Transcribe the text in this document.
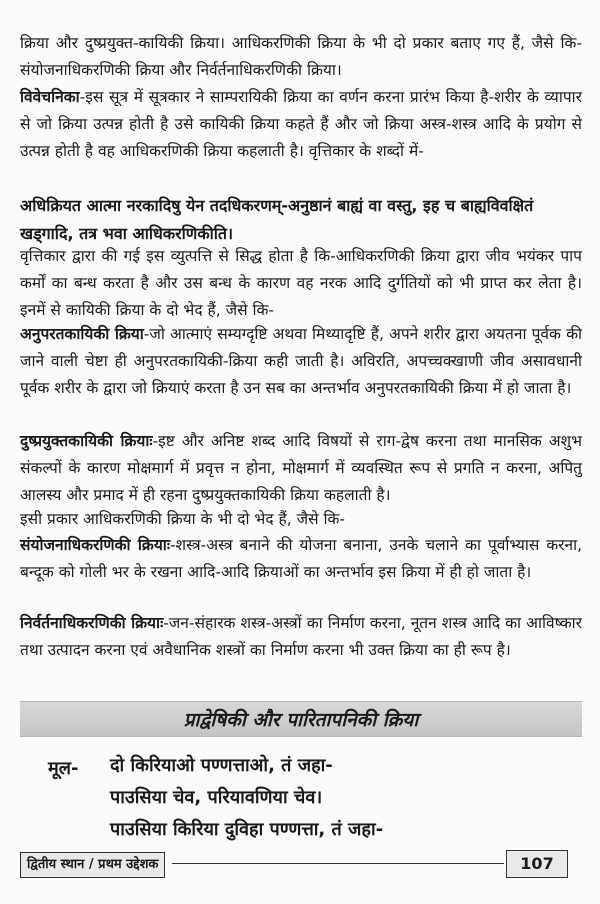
क्रिया और दुष्प्रयुक्त-कायिकी क्रिया। आधिकरणिकी क्रिया के भी दो प्रकार बताए गए हैं, जैसे कि- संयोजनाधिकरणिकी क्रिया और निर्वर्तनाधिकरणिकी क्रिया।

विवेचनिका-इस सूत्र में सूत्रकार ने साम्परायिकी क्रिया का वर्णन करना प्रारंभ किया है-शरीर के व्यापार से जो क्रिया उत्पन्न होती है उसे कायिकी क्रिया कहते हैं और जो क्रिया अस्त्र-शस्त्र आदि के प्रयोग से उत्पन्न होती है वह आधिकरणिकी क्रिया कहलाती है। वृत्तिकार के शब्दों में-

अधिक्रियत आत्मा नरकादिषु येन तदधिकरणम्-अनुष्ठानं बाह्यं वा वस्तु, इह च बाह्यविवक्षितं खड्गादि, तत्र भवा आधिकरणिकीति।

वृत्तिकार द्वारा की गई इस व्युत्पत्ति से सिद्ध होता है कि-आधिकरणिकी क्रिया द्वारा जीव भयंकर पाप कर्मों का बन्ध करता है और उस बन्ध के कारण वह नरक आदि दुर्गतियों को भी प्राप्त कर लेता है। इनमें से कायिकी क्रिया के दो भेद हैं, जैसे कि-

अनुपरतकायिकी क्रिया-जो आत्माएं सम्यग्दृष्टि अथवा मिथ्यादृष्टि हैं, अपने शरीर द्वारा अयतना पूर्वक की जाने वाली चेष्टा ही अनुपरतकायिकी-क्रिया कही जाती है। अविरति, अपच्चक्खाणी जीव असावधानी पूर्वक शरीर के द्वारा जो क्रियाएं करता है उन सब का अन्तर्भाव अनुपरतकायिकी क्रिया में हो जाता है।

दुष्प्रयुक्तकायिकी क्रियाः-इष्ट और अनिष्ट शब्द आदि विषयों से राग-द्वेष करना तथा मानसिक अशुभ संकल्पों के कारण मोक्षमार्ग में प्रवृत्त न होना, मोक्षमार्ग में व्यवस्थित रूप से प्रगति न करना, अपितु आलस्य और प्रमाद में ही रहना दुष्प्रयुक्तकायिकी क्रिया कहलाती है।

इसी प्रकार आधिकरणिकी क्रिया के भी दो भेद हैं, जैसे कि-

संयोजनाधिकरणिकी क्रियाः-शस्त्र-अस्त्र बनाने की योजना बनाना, उनके चलाने का पूर्वाभ्यास करना, बन्दूक को गोली भर के रखना आदि-आदि क्रियाओं का अन्तर्भाव इस क्रिया में ही हो जाता है।

निर्वर्तनाधिकरणिकी क्रियाः-जन-संहारक शस्त्र-अस्त्रों का निर्माण करना, नूतन शस्त्र आदि का आविष्कार तथा उत्पादन करना एवं अवैधानिक शस्त्रों का निर्माण करना भी उक्त क्रिया का ही रूप है।

प्राद्वेषिकी और पारितापनिकी क्रिया
मूल- दो किरियाओ पण्णत्ताओ, तं जहा-
पाउसिया चेव, परियावणिया चेव।
पाउसिया किरिया दुविहा पण्णत्ता, तं जहा-
द्वितीय स्थान / प्रथम उद्देशक	107
